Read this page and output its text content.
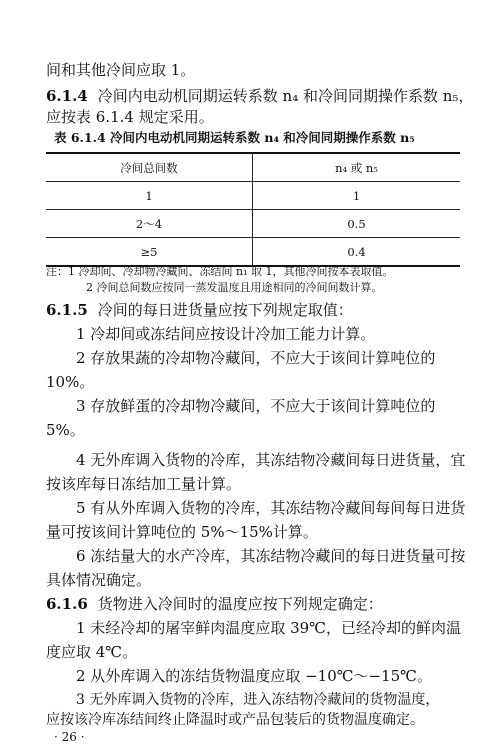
间和其他冷间应取 1。
6.1.4 冷间内电动机同期运转系数 n₄ 和冷间同期操作系数 n₅，
应按表 6.1.4 规定采用。
表 6.1.4 冷间内电动机同期运转系数 n₄ 和冷间同期操作系数 n₅
冷间总间数	n₄ 或 n₅
1	1
2～4	0.5
≥5	0.4
注：1 冷却间、冷却物冷藏间、冻结间 n₁ 取 1，其他冷间按本表取值。
2 冷间总间数应按同一蒸发温度且用途相同的冷间间数计算。
6.1.5 冷间的每日进货量应按下列规定取值：
1 冷却间或冻结间应按设计冷加工能力计算。
2 存放果蔬的冷却物冷藏间，不应大于该间计算吨位的
10%。
3 存放鲜蛋的冷却物冷藏间，不应大于该间计算吨位的
5%。
4 无外库调入货物的冷库，其冻结物冷藏间每日进货量，宜
按该库每日冻结加工量计算。
5 有从外库调入货物的冷库，其冻结物冷藏间每间每日进货
量可按该间计算吨位的 5%～15%计算。
6 冻结量大的水产冷库，其冻结物冷藏间的每日进货量可按
具体情况确定。
6.1.6 货物进入冷间时的温度应按下列规定确定：
1 未经冷却的屠宰鲜肉温度应取 39℃，已经冷却的鲜肉温
度应取 4℃。
2 从外库调入的冻结货物温度应取 −10℃～−15℃。
3 无外库调入货物的冷库，进入冻结物冷藏间的货物温度，
应按该冷库冻结间终止降温时或产品包装后的货物温度确定。
· 26 ·
